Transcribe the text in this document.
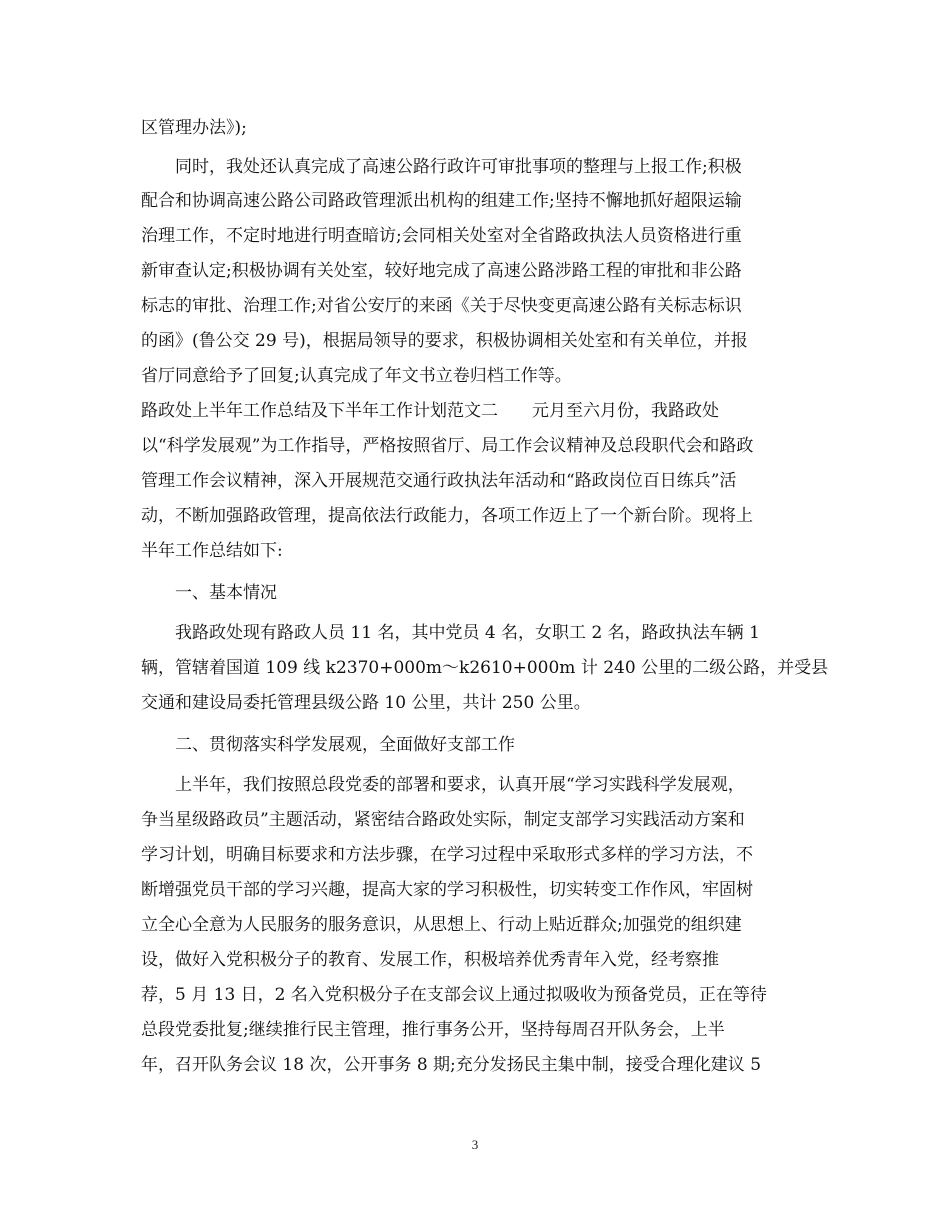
区管理办法》);
同时，我处还认真完成了高速公路行政许可审批事项的整理与上报工作;积极
配合和协调高速公路公司路政管理派出机构的组建工作;坚持不懈地抓好超限运输
治理工作，不定时地进行明查暗访;会同相关处室对全省路政执法人员资格进行重
新审查认定;积极协调有关处室，较好地完成了高速公路涉路工程的审批和非公路
标志的审批、治理工作;对省公安厅的来函《关于尽快变更高速公路有关标志标识
的函》(鲁公交 29 号)，根据局领导的要求，积极协调相关处室和有关单位，并报
省厅同意给予了回复;认真完成了年文书立卷归档工作等。
路政处上半年工作总结及下半年工作计划范文二　　元月至六月份，我路政处
以“科学发展观”为工作指导，严格按照省厅、局工作会议精神及总段职代会和路政
管理工作会议精神，深入开展规范交通行政执法年活动和“路政岗位百日练兵”活
动，不断加强路政管理，提高依法行政能力，各项工作迈上了一个新台阶。现将上
半年工作总结如下:
一、基本情况
我路政处现有路政人员 11 名，其中党员 4 名，女职工 2 名，路政执法车辆 1
辆，管辖着国道 109 线 k2370+000m～k2610+000m 计 240 公里的二级公路，并受县
交通和建设局委托管理县级公路 10 公里，共计 250 公里。
二、贯彻落实科学发展观，全面做好支部工作
上半年，我们按照总段党委的部署和要求，认真开展“学习实践科学发展观，
争当星级路政员”主题活动，紧密结合路政处实际，制定支部学习实践活动方案和
学习计划，明确目标要求和方法步骤，在学习过程中采取形式多样的学习方法，不
断增强党员干部的学习兴趣，提高大家的学习积极性，切实转变工作作风，牢固树
立全心全意为人民服务的服务意识，从思想上、行动上贴近群众;加强党的组织建
设，做好入党积极分子的教育、发展工作，积极培养优秀青年入党，经考察推
荐，5 月 13 日，2 名入党积极分子在支部会议上通过拟吸收为预备党员，正在等待
总段党委批复;继续推行民主管理，推行事务公开，坚持每周召开队务会，上半
年，召开队务会议 18 次，公开事务 8 期;充分发扬民主集中制，接受合理化建议 5
3
